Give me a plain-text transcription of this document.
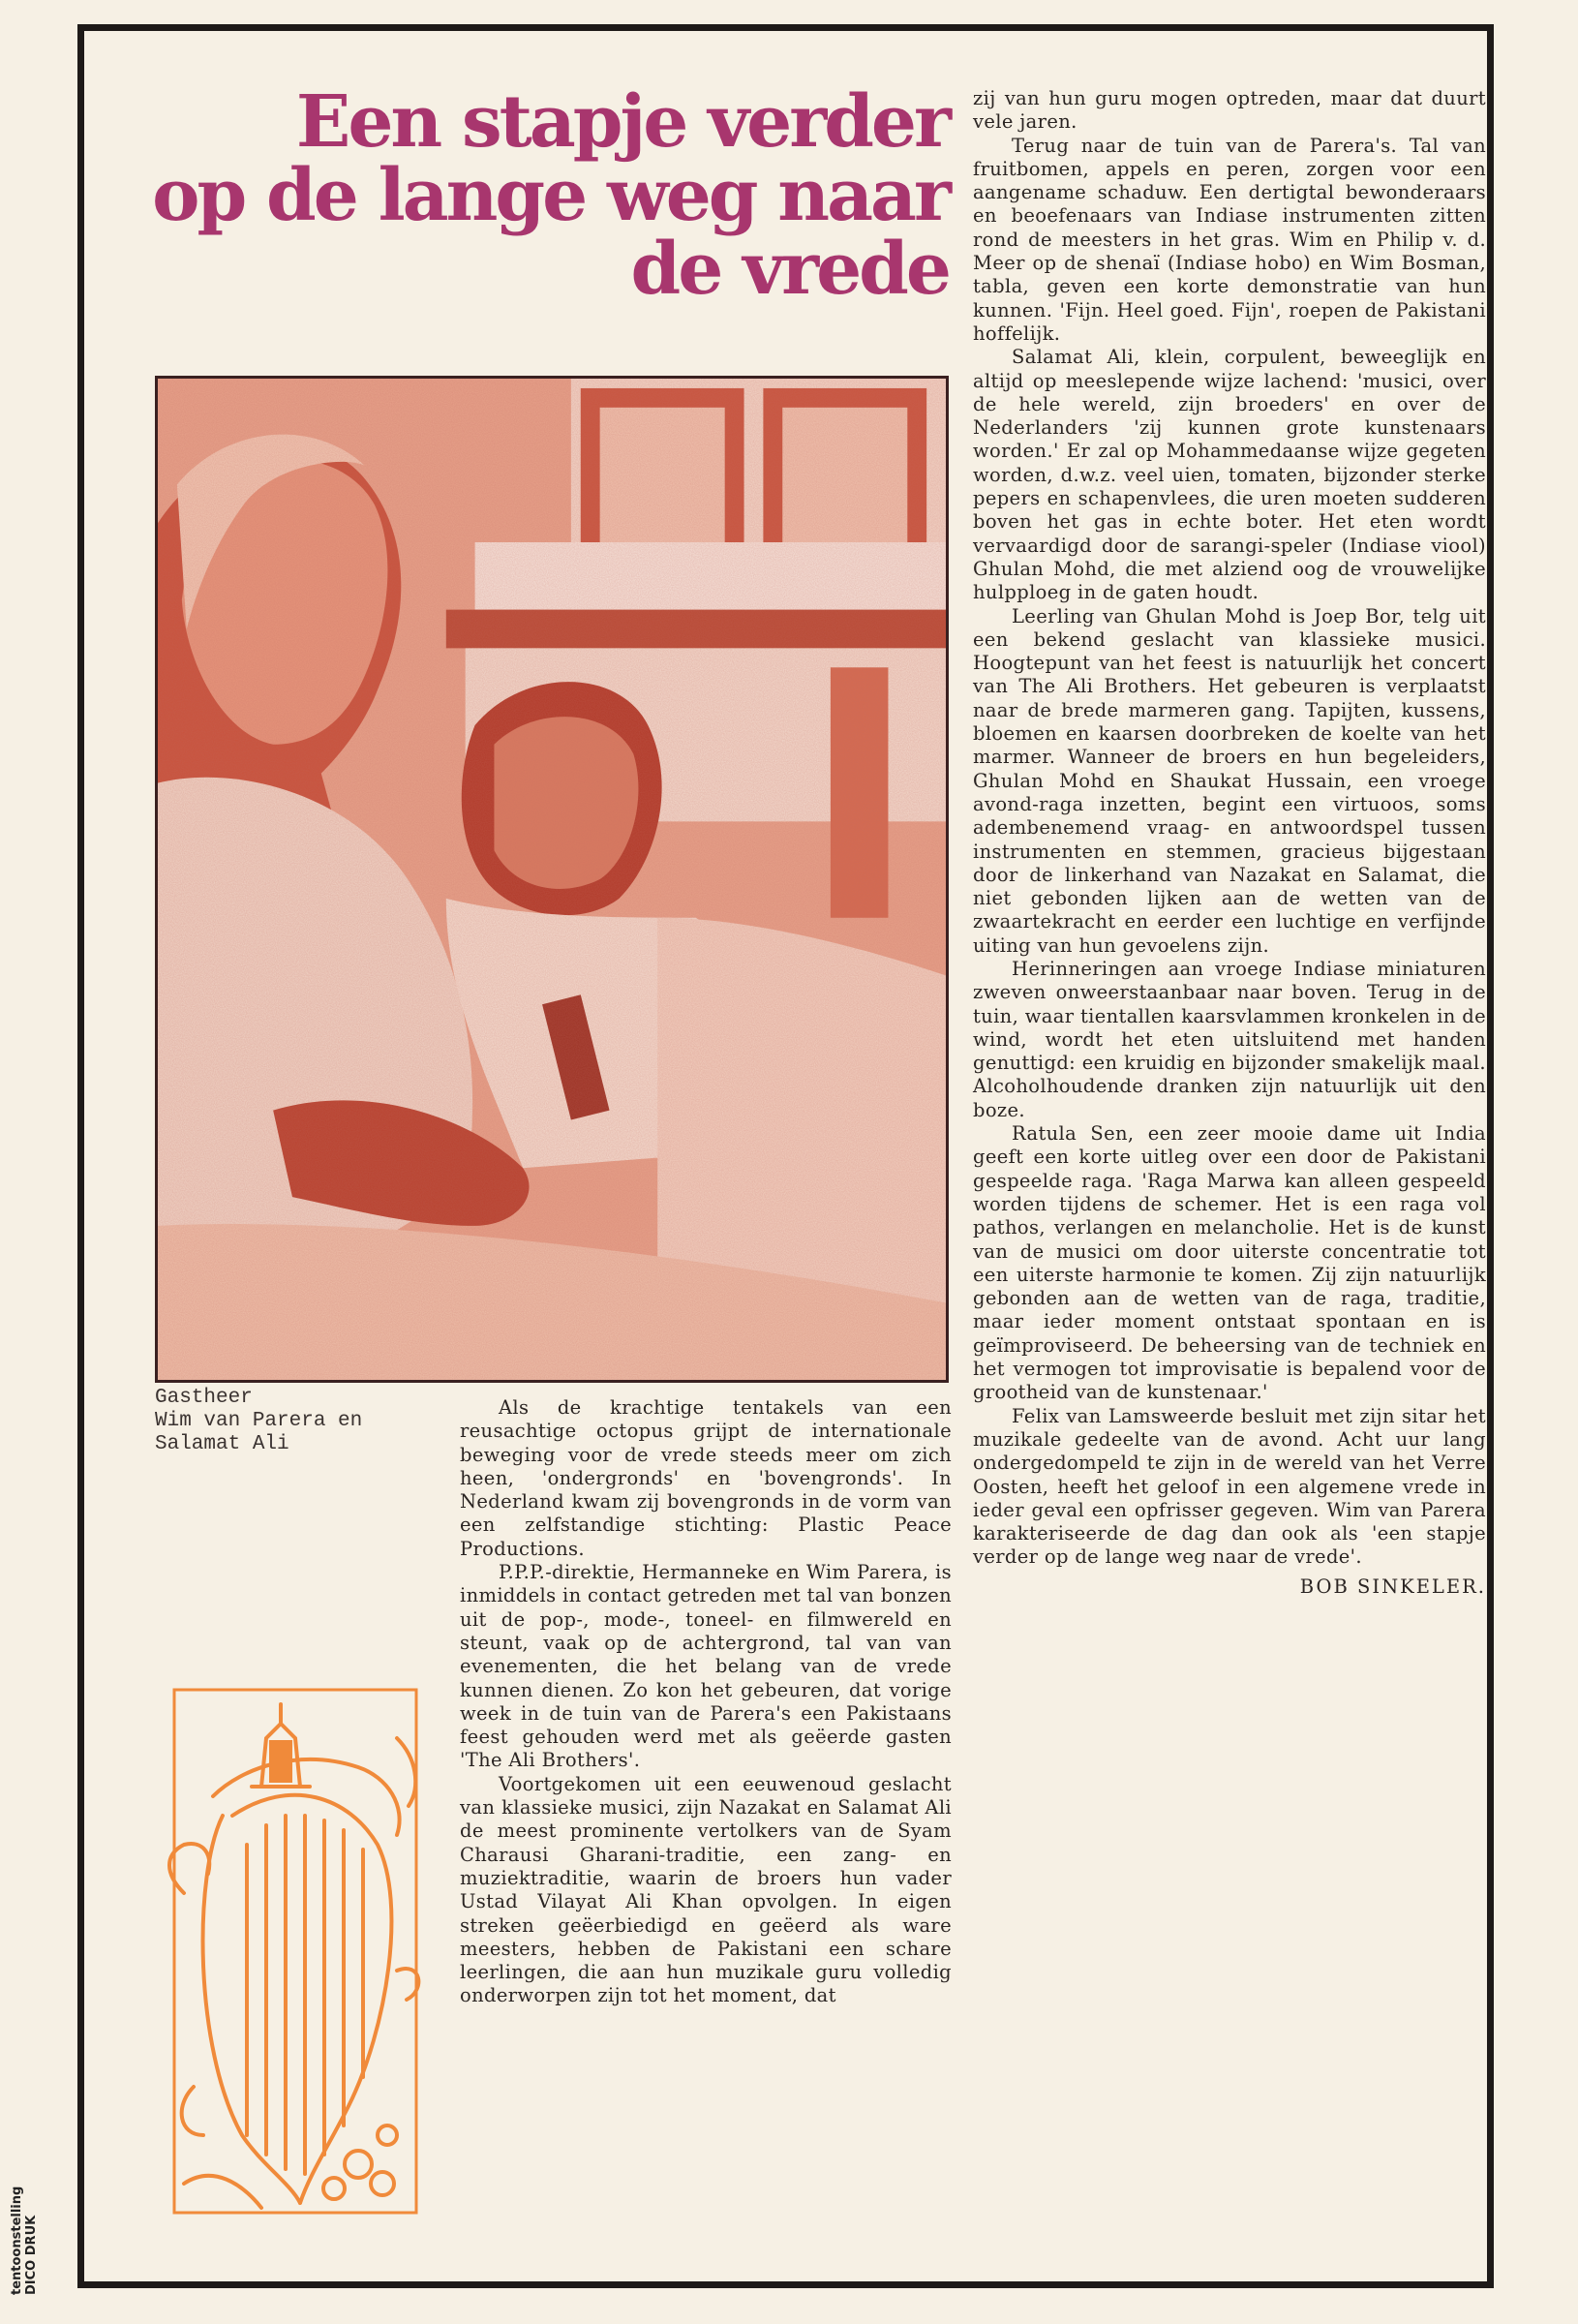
Een stapje verder
op de lange weg naar
de vrede
Gastheer
Wim van Parera en
Salamat Ali

Als de krachtige tentakels van een reusachtige octopus grijpt de internationale beweging voor de vrede steeds meer om zich heen, 'ondergronds' en 'bovengronds'. In Nederland kwam zij bovengronds in de vorm van een zelfstandige stichting: Plastic Peace Productions.

P.P.P.-direktie, Hermanneke en Wim Parera, is inmiddels in contact getreden met tal van bonzen uit de pop-, mode-, toneel- en filmwereld en steunt, vaak op de achtergrond, tal van van evenementen, die het belang van de vrede kunnen dienen. Zo kon het gebeuren, dat vorige week in de tuin van de Parera's een Pakistaans feest gehouden werd met als geëerde gasten 'The Ali Brothers'.

Voortgekomen uit een eeuwenoud geslacht van klassieke musici, zijn Nazakat en Salamat Ali de meest prominente vertolkers van de Syam Charausi Gharani-traditie, een zang- en muziektraditie, waarin de broers hun vader Ustad Vilayat Ali Khan opvolgen. In eigen streken geëerbiedigd en geëerd als ware meesters, hebben de Pakistani een schare leerlingen, die aan hun muzikale guru volledig onderworpen zijn tot het moment, dat

zij van hun guru mogen optreden, maar dat duurt vele jaren.

Terug naar de tuin van de Parera's. Tal van fruitbomen, appels en peren, zorgen voor een aangename schaduw. Een dertigtal bewonderaars en beoefenaars van Indiase instrumenten zitten rond de meesters in het gras. Wim en Philip v. d. Meer op de shenaï (Indiase hobo) en Wim Bosman, tabla, geven een korte demonstratie van hun kunnen. 'Fijn. Heel goed. Fijn', roepen de Pakistani hoffelijk.

Salamat Ali, klein, corpulent, beweeglijk en altijd op meeslepende wijze lachend: 'musici, over de hele wereld, zijn broeders' en over de Nederlanders 'zij kunnen grote kunstenaars worden.' Er zal op Mohammedaanse wijze gegeten worden, d.w.z. veel uien, tomaten, bijzonder sterke pepers en schapenvlees, die uren moeten sudderen boven het gas in echte boter. Het eten wordt vervaardigd door de sarangi-speler (Indiase viool) Ghulan Mohd, die met alziend oog de vrouwelijke hulpploeg in de gaten houdt.

Leerling van Ghulan Mohd is Joep Bor, telg uit een bekend geslacht van klassieke musici. Hoogtepunt van het feest is natuurlijk het concert van The Ali Brothers. Het gebeuren is verplaatst naar de brede marmeren gang. Tapijten, kussens, bloemen en kaarsen doorbreken de koelte van het marmer. Wanneer de broers en hun begeleiders, Ghulan Mohd en Shaukat Hussain, een vroege avond-raga inzetten, begint een virtuoos, soms adembenemend vraag- en antwoordspel tussen instrumenten en stemmen, gracieus bijgestaan door de linkerhand van Nazakat en Salamat, die niet gebonden lijken aan de wetten van de zwaartekracht en eerder een luchtige en verfijnde uiting van hun gevoelens zijn.

Herinneringen aan vroege Indiase miniaturen zweven onweerstaanbaar naar boven. Terug in de tuin, waar tientallen kaarsvlammen kronkelen in de wind, wordt het eten uitsluitend met handen genuttigd: een kruidig en bijzonder smakelijk maal. Alcoholhoudende dranken zijn natuurlijk uit den boze.

Ratula Sen, een zeer mooie dame uit India geeft een korte uitleg over een door de Pakistani gespeelde raga. 'Raga Marwa kan alleen gespeeld worden tijdens de schemer. Het is een raga vol pathos, verlangen en melancholie. Het is de kunst van de musici om door uiterste concentratie tot een uiterste harmonie te komen. Zij zijn natuurlijk gebonden aan de wetten van de raga, traditie, maar ieder moment ontstaat spontaan en is geïmproviseerd. De beheersing van de techniek en het vermogen tot improvisatie is bepalend voor de grootheid van de kunstenaar.'

Felix van Lamsweerde besluit met zijn sitar het muzikale gedeelte van de avond. Acht uur lang ondergedompeld te zijn in de wereld van het Verre Oosten, heeft het geloof in een algemene vrede in ieder geval een opfrisser gegeven. Wim van Parera karakteriseerde de dag dan ook als 'een stapje verder op de lange weg naar de vrede'.

BOB SINKELER.

tentoonstelling
DICO DRUK
